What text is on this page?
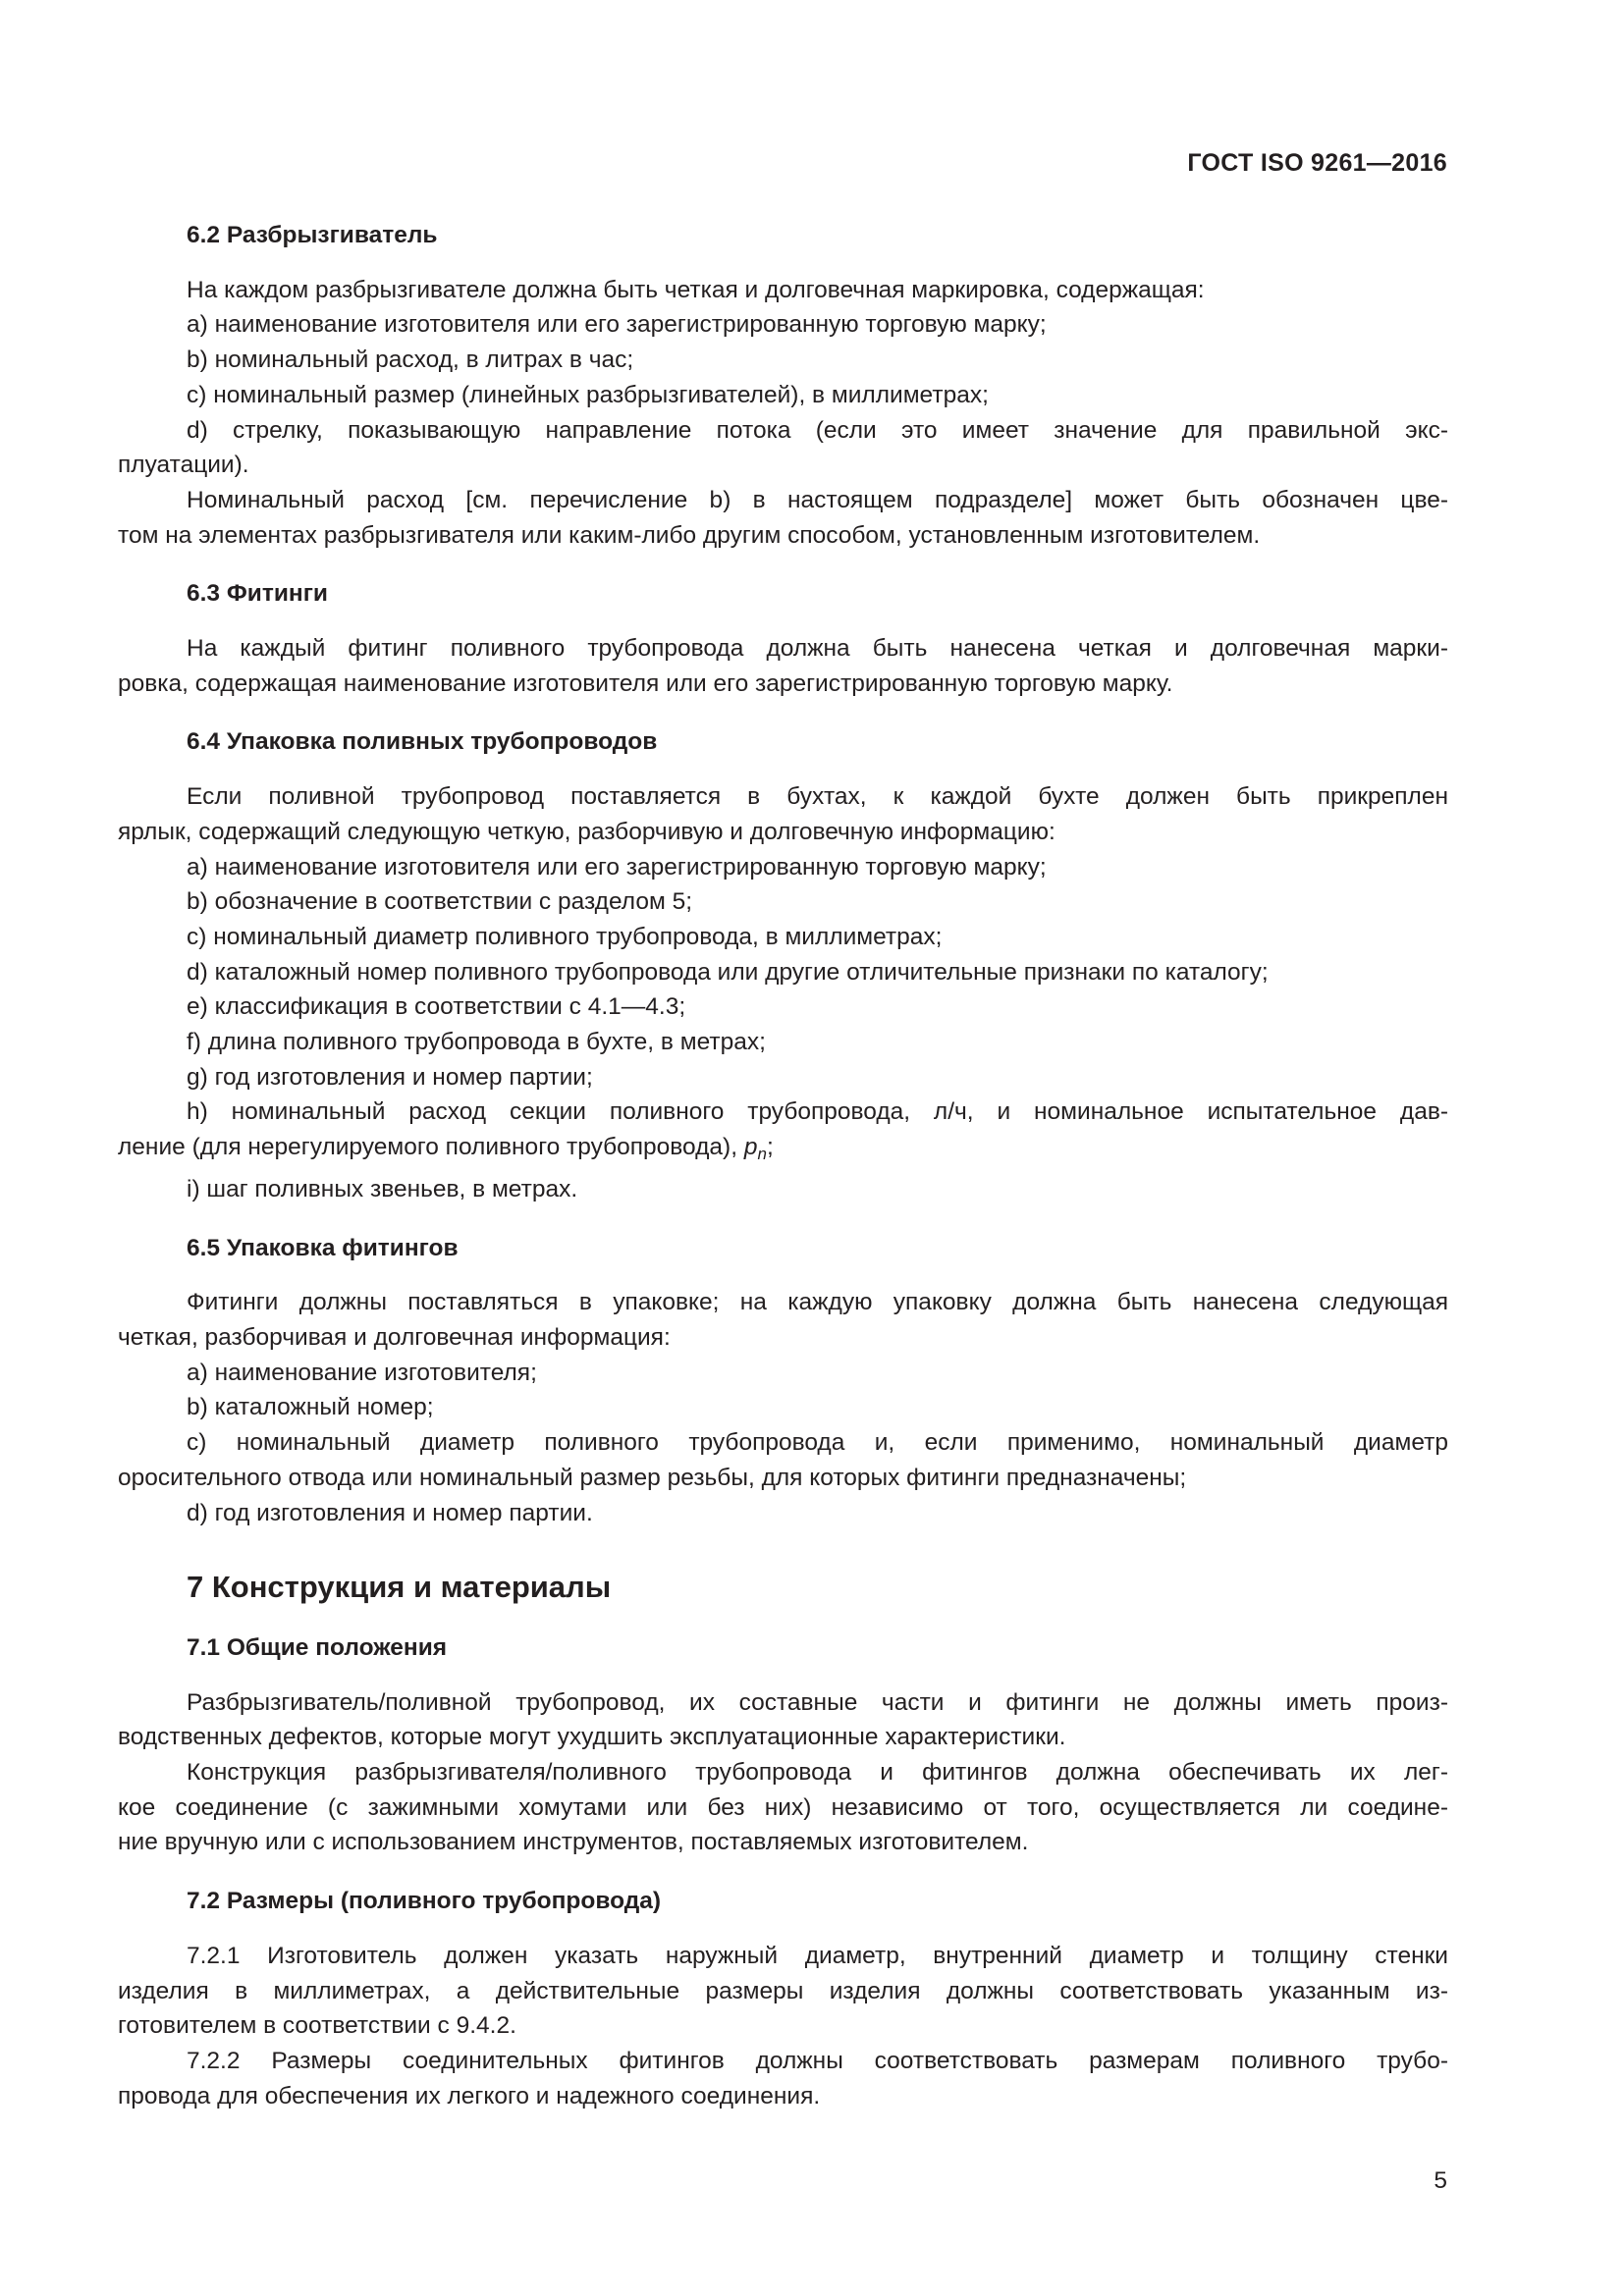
ГОСТ ISO 9261—2016

6.2 Разбрызгиватель

На каждом разбрызгивателе должна быть четкая и долговечная маркировка, содержащая:

a) наименование изготовителя или его зарегистрированную торговую марку;

b) номинальный расход, в литрах в час;

c) номинальный размер (линейных разбрызгивателей), в миллиметрах;

d) стрелку, показывающую направление потока (если это имеет значение для правильной экс-

плуатации).

Номинальный расход [см. перечисление b) в настоящем подразделе] может быть обозначен цве-

том на элементах разбрызгивателя или каким-либо другим способом, установленным изготовителем.

6.3 Фитинги

На каждый фитинг поливного трубопровода должна быть нанесена четкая и долговечная марки-

ровка, содержащая наименование изготовителя или его зарегистрированную торговую марку.

6.4 Упаковка поливных трубопроводов

Если поливной трубопровод поставляется в бухтах, к каждой бухте должен быть прикреплен

ярлык, содержащий следующую четкую, разборчивую и долговечную информацию:

a) наименование изготовителя или его зарегистрированную торговую марку;

b) обозначение в соответствии с разделом 5;

c) номинальный диаметр поливного трубопровода, в миллиметрах;

d) каталожный номер поливного трубопровода или другие отличительные признаки по каталогу;

e) классификация в соответствии с 4.1—4.3;

f) длина поливного трубопровода в бухте, в метрах;

g) год изготовления и номер партии;

h) номинальный расход секции поливного трубопровода, л/ч, и номинальное испытательное дав-

ление (для нерегулируемого поливного трубопровода), $p_n$;

i) шаг поливных звеньев, в метрах.

6.5 Упаковка фитингов

Фитинги должны поставляться в упаковке; на каждую упаковку должна быть нанесена следующая

четкая, разборчивая и долговечная информация:

a) наименование изготовителя;

b) каталожный номер;

c) номинальный диаметр поливного трубопровода и, если применимо, номинальный диаметр

оросительного отвода или номинальный размер резьбы, для которых фитинги предназначены;

d) год изготовления и номер партии.

7 Конструкция и материалы

7.1 Общие положения

Разбрызгиватель/поливной трубопровод, их составные части и фитинги не должны иметь произ-

водственных дефектов, которые могут ухудшить эксплуатационные характеристики.

Конструкция разбрызгивателя/поливного трубопровода и фитингов должна обеспечивать их лег-

кое соединение (с зажимными хомутами или без них) независимо от того, осуществляется ли соедине-

ние вручную или с использованием инструментов, поставляемых изготовителем.

7.2 Размеры (поливного трубопровода)

7.2.1 Изготовитель должен указать наружный диаметр, внутренний диаметр и толщину стенки

изделия в миллиметрах, а действительные размеры изделия должны соответствовать указанным из-

готовителем в соответствии с 9.4.2.

7.2.2 Размеры соединительных фитингов должны соответствовать размерам поливного трубо-

провода для обеспечения их легкого и надежного соединения.

5
